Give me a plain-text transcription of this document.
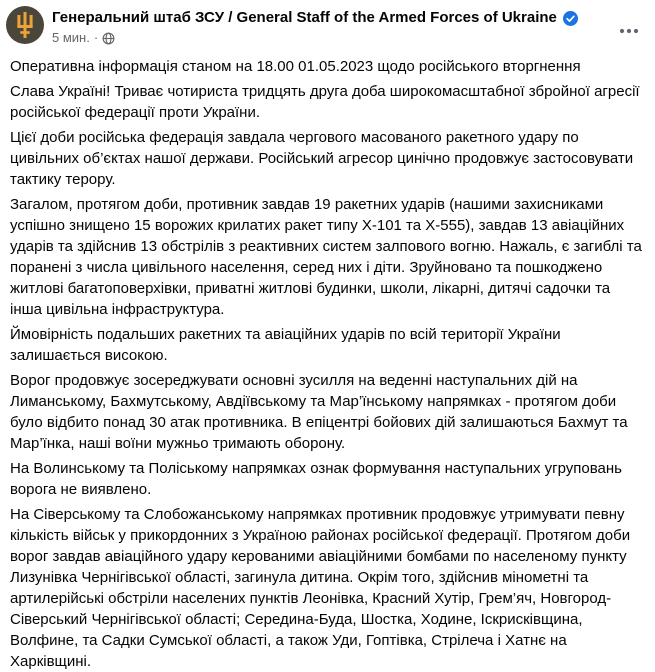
Генеральний штаб ЗСУ / General Staff of the Armed Forces of Ukraine
5 мин. ·

Оперативна інформація станом на 18.00 01.05.2023 щодо російського вторгнення

Слава Україні! Триває чотириста тридцять друга доба широкомасштабної збройної агресії російської федерації проти України.

Цієї доби російська федерація завдала чергового масованого ракетного удару по цивільних об’єктах нашої держави. Російський агресор цинічно продовжує застосовувати тактику терору.

Загалом, протягом доби, противник завдав 19 ракетних ударів (нашими захисниками успішно знищено 15 ворожих крилатих ракет типу Х-101 та Х-555), завдав 13 авіаційних ударів та здійснив 13 обстрілів з реактивних систем залпового вогню. Нажаль, є загиблі та поранені з числа цивільного населення, серед них і діти. Зруйновано та пошкоджено житлові багатоповерхівки, приватні житлові будинки, школи, лікарні, дитячі садочки та інша цивільна інфраструктура.

Ймовірність подальших ракетних та авіаційних ударів по всій території України залишається високою.

Ворог продовжує зосереджувати основні зусилля на веденні наступальних дій на Лиманському, Бахмутському, Авдіївському та Мар’їнському напрямках - протягом доби було відбито понад 30 атак противника. В епіцентрі бойових дій залишаються Бахмут та Мар’їнка, наші воїни мужньо тримають оборону.

На Волинському та Поліському напрямках ознак формування наступальних угруповань ворога не виявлено.

На Сіверському та Слобожанському напрямках противник продовжує утримувати певну кількість військ у прикордонних з Україною районах російської федерації. Протягом доби ворог завдав авіаційного удару керованими авіаційними бомбами по населеному пункту Лизунівка Чернігівської області, загинула дитина. Окрім того, здійснив мінометні та артилерійські обстріли населених пунктів Леонівка, Красний Хутір, Грем’яч, Новгород-Сіверський Чернігівської області; Середина-Буда, Шостка, Ходине, Іскрисківщина, Волфине, та Садки Сумської області, а також Уди, Гоптівка, Стрілеча і Хатнє на Харківщині.
